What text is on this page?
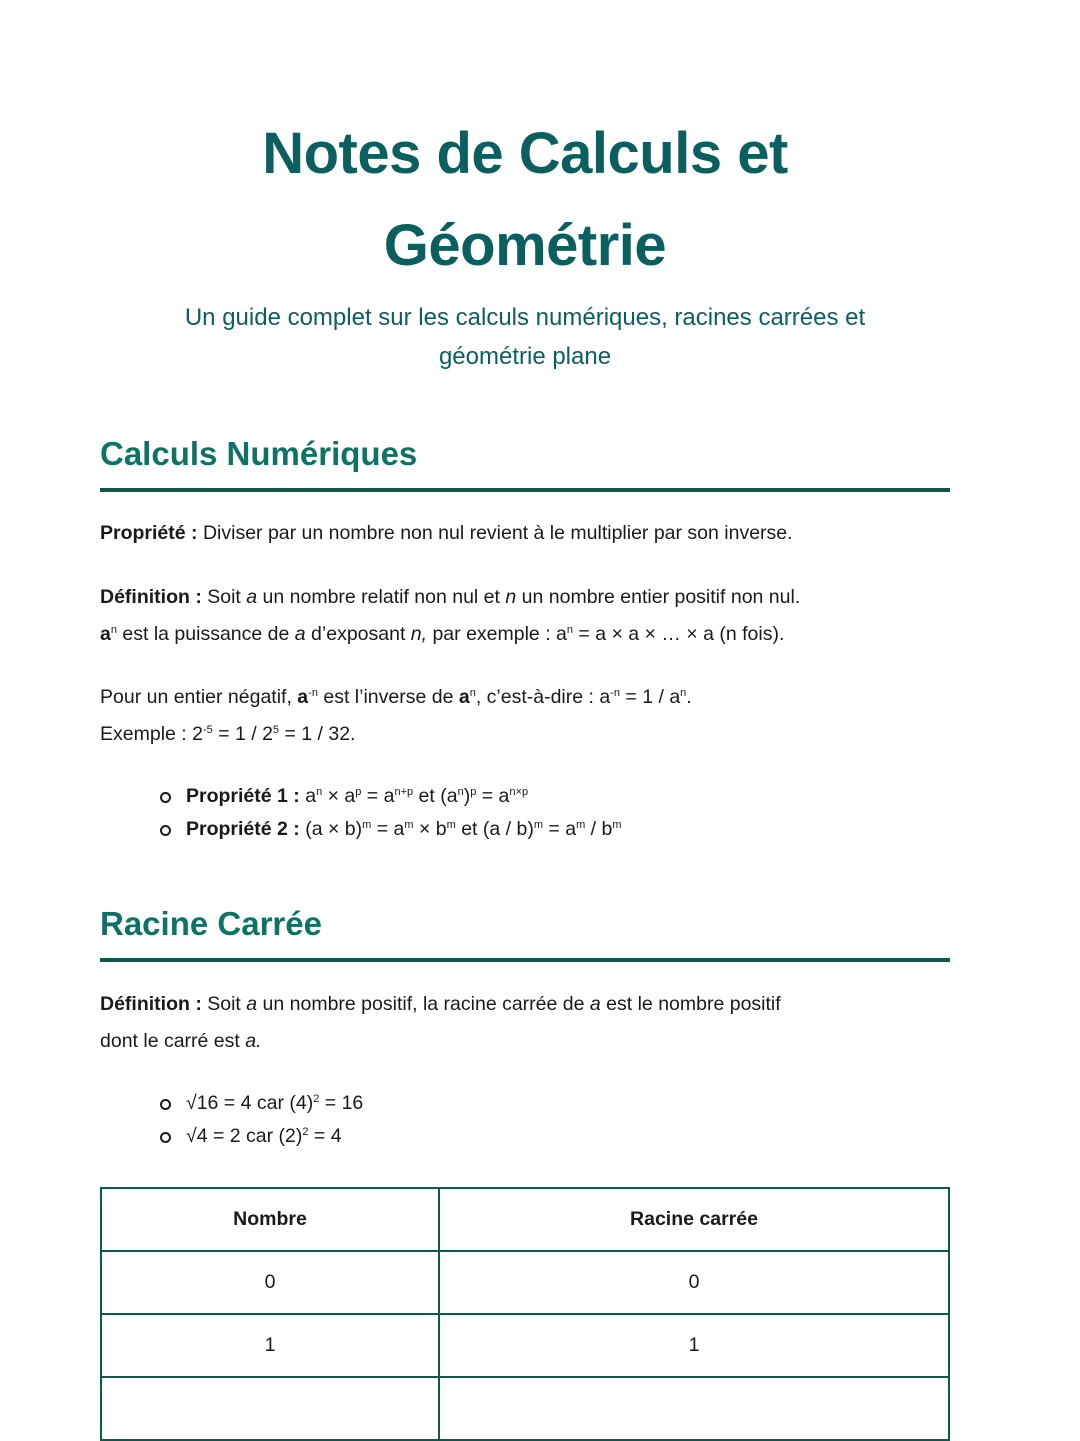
Notes de Calculs et
Géométrie
Un guide complet sur les calculs numériques, racines carrées et
géométrie plane
Calculs Numériques
Propriété : Diviser par un nombre non nul revient à le multiplier par son inverse.
Définition : Soit a un nombre relatif non nul et n un nombre entier positif non nul.
$a^n$ est la puissance de a d’exposant n, par exemple : $a^n = a \times a$ × … × a (n fois).
Pour un entier négatif, $a^{-n}$ est l’inverse de $a^n$, c’est-à-dire : $a^{-n} = 1 / a^n$.
Exemple : $2^{-5} = 1 / 2^5 = 1 / 32$.
Propriété 1 : $a^n \times a^p = a^{n+p}$ et $(a^n)^p = a^{n\times p}$
Propriété 2 : $(a \times b)^m = a^m \times b^m$ et $(a / b)^m = a^m / b^m$
Racine Carrée
Définition : Soit a un nombre positif, la racine carrée de a est le nombre positif
dont le carré est a.
√16 = 4 car $(4)^2 = 16$
√4 = 2 car $(2)^2 = 4$
Nombre	Racine carrée
0	0
1	1
